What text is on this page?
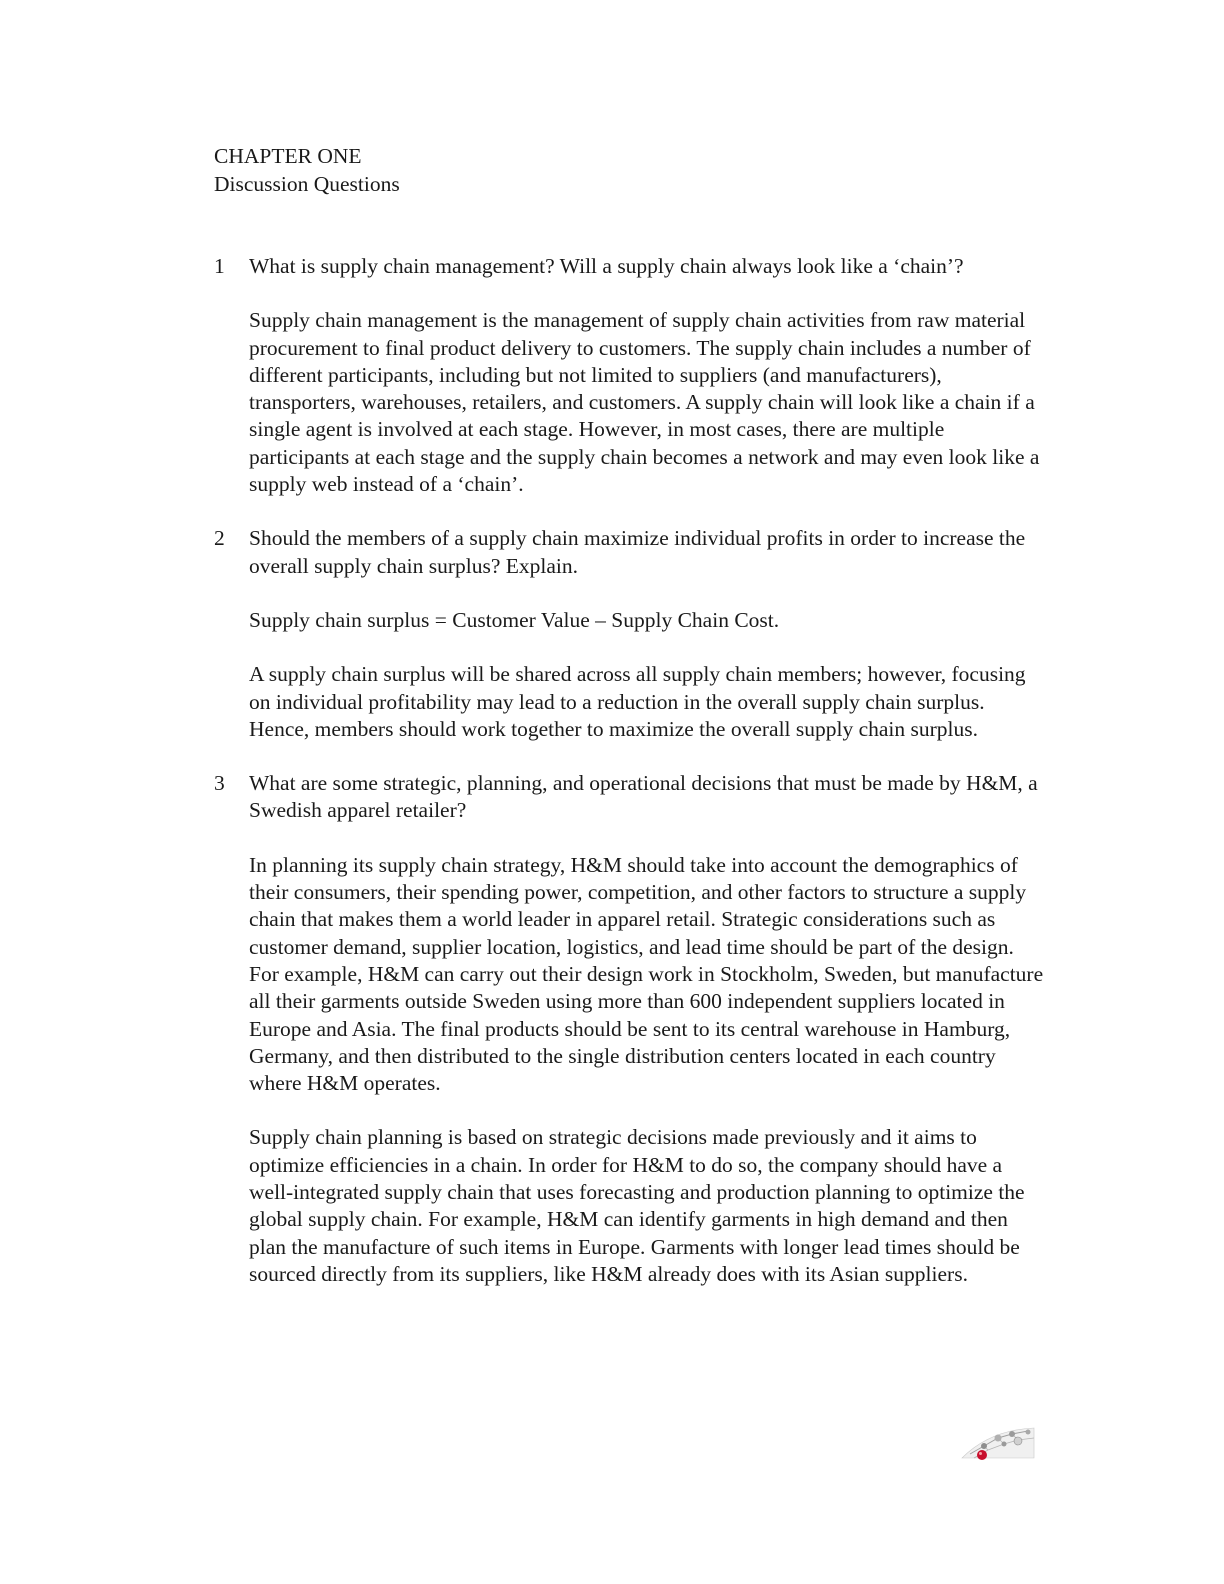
CHAPTER ONE
Discussion Questions
1 What is supply chain management? Will a supply chain always look like a ‘chain’?

Supply chain management is the management of supply chain activities from raw material procurement to final product delivery to customers. The supply chain includes a number of different participants, including but not limited to suppliers (and manufacturers), transporters, warehouses, retailers, and customers. A supply chain will look like a chain if a single agent is involved at each stage. However, in most cases, there are multiple participants at each stage and the supply chain becomes a network and may even look like a supply web instead of a ‘chain’.

2 Should the members of a supply chain maximize individual profits in order to increase the overall supply chain surplus? Explain.

Supply chain surplus = Customer Value – Supply Chain Cost.

A supply chain surplus will be shared across all supply chain members; however, focusing on individual profitability may lead to a reduction in the overall supply chain surplus. Hence, members should work together to maximize the overall supply chain surplus.

3 What are some strategic, planning, and operational decisions that must be made by H&M, a Swedish apparel retailer?

In planning its supply chain strategy, H&M should take into account the demographics of their consumers, their spending power, competition, and other factors to structure a supply chain that makes them a world leader in apparel retail. Strategic considerations such as customer demand, supplier location, logistics, and lead time should be part of the design. For example, H&M can carry out their design work in Stockholm, Sweden, but manufacture all their garments outside Sweden using more than 600 independent suppliers located in Europe and Asia. The final products should be sent to its central warehouse in Hamburg, Germany, and then distributed to the single distribution centers located in each country where H&M operates.

Supply chain planning is based on strategic decisions made previously and it aims to optimize efficiencies in a chain. In order for H&M to do so, the company should have a well-integrated supply chain that uses forecasting and production planning to optimize the global supply chain. For example, H&M can identify garments in high demand and then plan the manufacture of such items in Europe. Garments with longer lead times should be sourced directly from its suppliers, like H&M already does with its Asian suppliers.
